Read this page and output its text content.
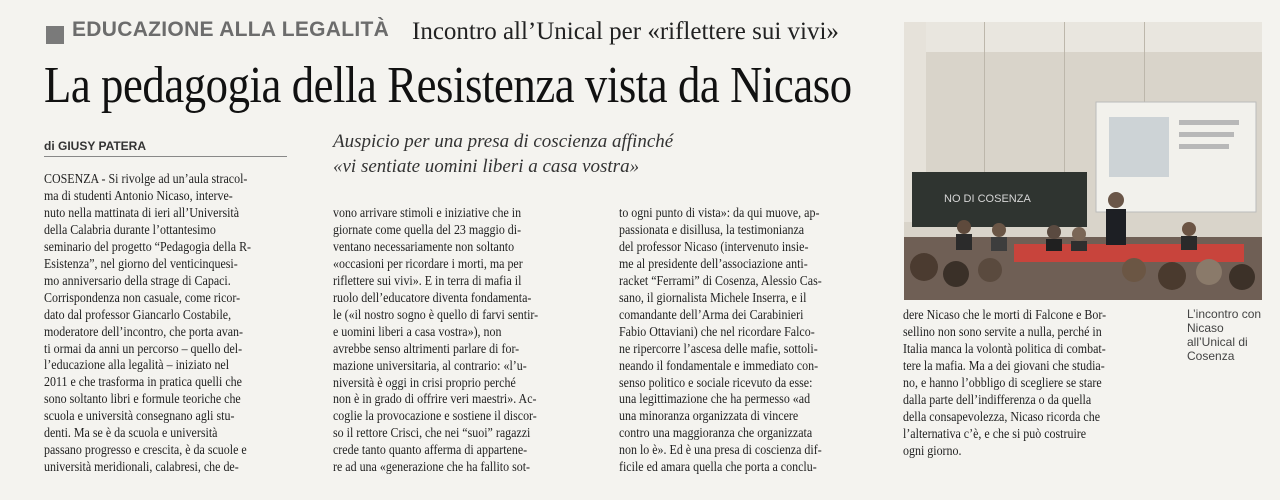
EDUCAZIONE ALLA LEGALITÀ Incontro all’Unical per «riflettere sui vivi»
La pedagogia della Resistenza vista da Nicaso
di GIUSY PATERA	Auspicio per una presa di coscienza affinché
«vi sentiate uomini liberi a casa vostra»
COSENZA - Si rivolge ad un’aula stracol-
ma di studenti Antonio Nicaso, interve-
nuto nella mattinata di ieri all’Università
della Calabria durante l’ottantesimo
seminario del progetto “Pedagogia della R-
Esistenza”, nel giorno del venticinquesi-
mo anniversario della strage di Capaci.
Corrispondenza non casuale, come ricor-
dato dal professor Giancarlo Costabile,
moderatore dell’incontro, che porta avan-
ti ormai da anni un percorso – quello del-
l’educazione alla legalità – iniziato nel
2011 e che trasforma in pratica quelli che
sono soltanto libri e formule teoriche che
scuola e università consegnano agli stu-
denti. Ma se è da scuola e università
passano progresso e crescita, è da scuole e
università meridionali, calabresi, che de-
vono arrivare stimoli e iniziative che in
giornate come quella del 23 maggio di-
ventano necessariamente non soltanto
«occasioni per ricordare i morti, ma per
riflettere sui vivi». E in terra di mafia il
ruolo dell’educatore diventa fondamenta-
le («il nostro sogno è quello di farvi sentir-
e uomini liberi a casa vostra»), non
avrebbe senso altrimenti parlare di for-
mazione universitaria, al contrario: «l’u-
niversità è oggi in crisi proprio perché
non è in grado di offrire veri maestri». Ac-
coglie la provocazione e sostiene il discor-
so il rettore Crisci, che nei “suoi” ragazzi
crede tanto quanto afferma di appartene-
re ad una «generazione che ha fallito sot-
to ogni punto di vista»: da qui muove, ap-
passionata e disillusa, la testimonianza
del professor Nicaso (intervenuto insie-
me al presidente dell’associazione anti-
racket “Ferrami” di Cosenza, Alessio Cas-
sano, il giornalista Michele Inserra, e il
comandante dell’Arma dei Carabinieri
Fabio Ottaviani) che nel ricordare Falco-
ne ripercorre l’ascesa delle mafie, sottoli-
neando il fondamentale e immediato con-
senso politico e sociale ricevuto da esse:
una legittimazione che ha permesso «ad
una minoranza organizzata di vincere
contro una maggioranza che organizzata
non lo è». Ed è una presa di coscienza dif-
ficile ed amara quella che porta a conclu-
dere Nicaso che le morti di Falcone e Bor-
sellino non sono servite a nulla, perché in
Italia manca la volontà politica di combat-
tere la mafia. Ma a dei giovani che studia-
no, e hanno l’obbligo di scegliere se stare
dalla parte dell’indifferenza o da quella
della consapevolezza, Nicaso ricorda che
l’alternativa c’è, e che si può costruire
ogni giorno.
NO DI COSENZA
L’incontro con
Nicaso
all’Unical di
Cosenza
